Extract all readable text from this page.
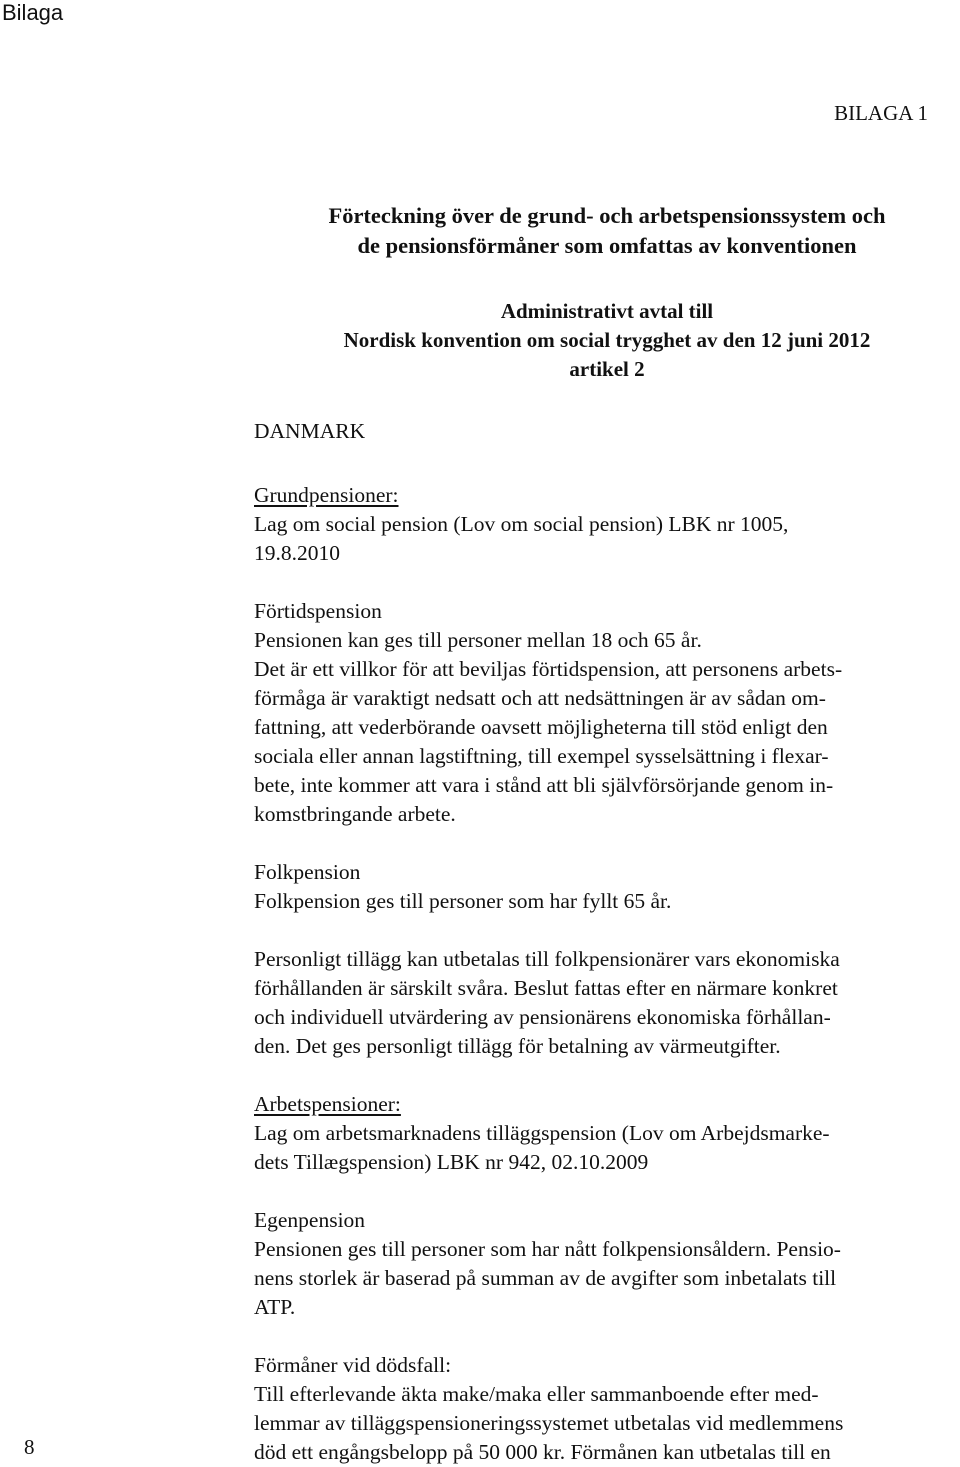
Bilaga
BILAGA 1
Förteckning över de grund- och arbetspensionssystem och
de pensionsförmåner som omfattas av konventionen
Administrativt avtal till
Nordisk konvention om social trygghet av den 12 juni 2012
artikel 2
DANMARK
Grundpensioner:
Lag om social pension (Lov om social pension) LBK nr 1005,
19.8.2010
Förtidspension
Pensionen kan ges till personer mellan 18 och 65 år.
Det är ett villkor för att beviljas förtidspension, att personens arbets-
förmåga är varaktigt nedsatt och att nedsättningen är av sådan om-
fattning, att vederbörande oavsett möjligheterna till stöd enligt den
sociala eller annan lagstiftning, till exempel sysselsättning i flexar-
bete, inte kommer att vara i stånd att bli självförsörjande genom in-
komstbringande arbete.
Folkpension
Folkpension ges till personer som har fyllt 65 år.
Personligt tillägg kan utbetalas till folkpensionärer vars ekonomiska
förhållanden är särskilt svåra. Beslut fattas efter en närmare konkret
och individuell utvärdering av pensionärens ekonomiska förhållan-
den. Det ges personligt tillägg för betalning av värmeutgifter.
Arbetspensioner:
Lag om arbetsmarknadens tilläggspension (Lov om Arbejdsmarke-
dets Tillægspension) LBK nr 942, 02.10.2009
Egenpension
Pensionen ges till personer som har nått folkpensionsåldern. Pensio-
nens storlek är baserad på summan av de avgifter som inbetalats till
ATP.
Förmåner vid dödsfall:
Till efterlevande äkta make/maka eller sammanboende efter med-
lemmar av tilläggspensioneringssystemet utbetalas vid medlemmens
död ett engångsbelopp på 50 000 kr. Förmånen kan utbetalas till en
8
